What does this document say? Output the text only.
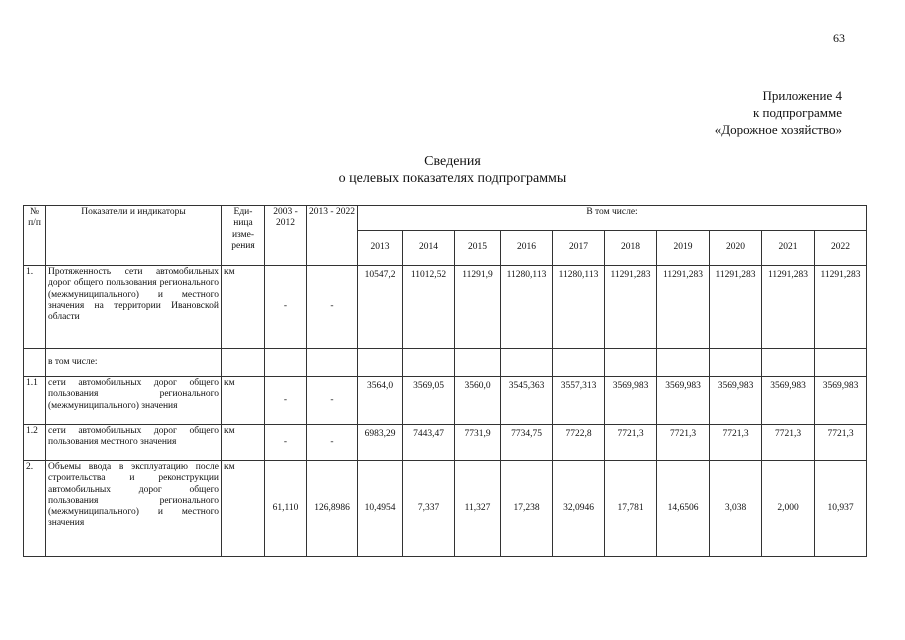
63
Приложение 4
к подпрограмме
«Дорожное хозяйство»
Сведения
о целевых показателях подпрограммы
№ п/п	Показатели и индикаторы	Еди-ница изме-рения	2003 - 2012	2013 - 2022	В том числе:									
					2013	2014	2015	2016	2017	2018	2019	2020	2021	2022
1.	Протяженность сети автомобильных дорог общего пользования регионального (межмуниципального) и местного значения на территории Ивановской области	км	-	-	10547,2	11012,52	11291,9	11280,113	11280,113	11291,283	11291,283	11291,283	11291,283	11291,283
	в том числе:													
1.1	сети автомобильных дорог общего пользования регионального (межмуниципального) значения	км	-	-	3564,0	3569,05	3560,0	3545,363	3557,313	3569,983	3569,983	3569,983	3569,983	3569,983
1.2	сети автомобильных дорог общего пользования местного значения	км	-	-	6983,29	7443,47	7731,9	7734,75	7722,8	7721,3	7721,3	7721,3	7721,3	7721,3
2.	Объемы ввода в эксплуатацию после строительства и реконструкции автомобильных дорог общего пользования регионального (межмуниципального) и местного значения	км	61,110	126,8986	10,4954	7,337	11,327	17,238	32,0946	17,781	14,6506	3,038	2,000	10,937
